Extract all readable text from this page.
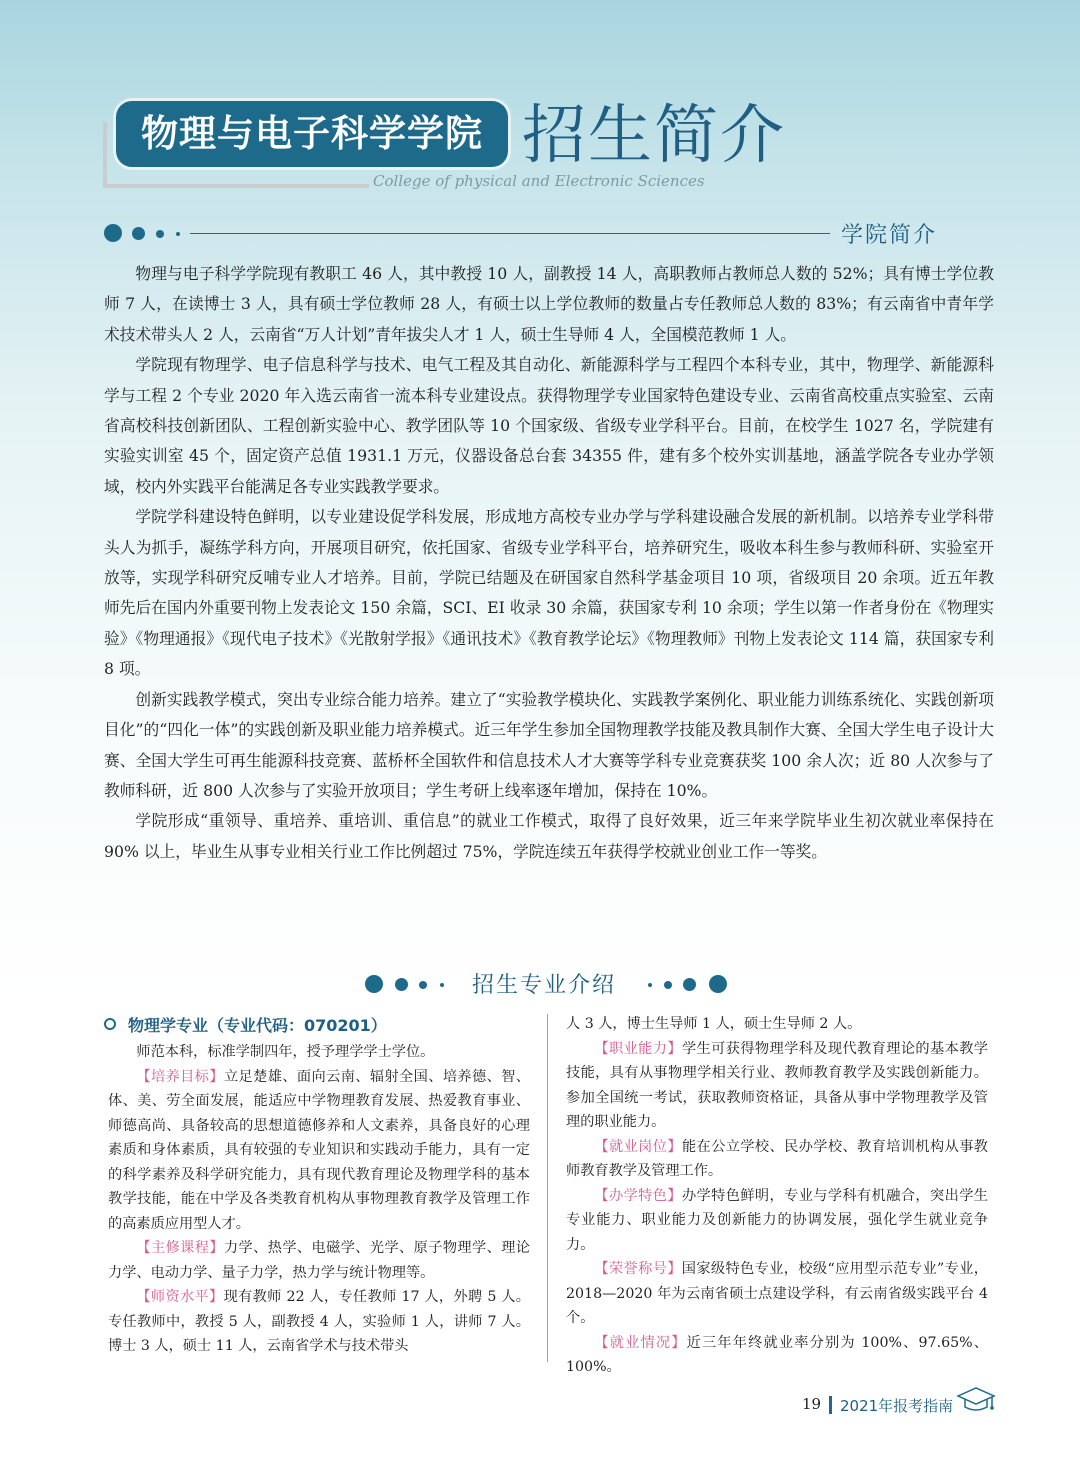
物理与电子科学学院 招生简介
College of physical and Electronic Sciences
学院简介

物理与电子科学学院现有教职工 46 人，其中教授 10 人，副教授 14 人，高职教师占教师总人数的 52%；具有博士学位教师 7 人，在读博士 3 人，具有硕士学位教师 28 人，有硕士以上学位教师的数量占专任教师总人数的 83%；有云南省中青年学术技术带头人 2 人，云南省“万人计划”青年拔尖人才 1 人，硕士生导师 4 人，全国模范教师 1 人。

学院现有物理学、电子信息科学与技术、电气工程及其自动化、新能源科学与工程四个本科专业，其中，物理学、新能源科学与工程 2 个专业 2020 年入选云南省一流本科专业建设点。获得物理学专业国家特色建设专业、云南省高校重点实验室、云南省高校科技创新团队、工程创新实验中心、教学团队等 10 个国家级、省级专业学科平台。目前，在校学生 1027 名，学院建有实验实训室 45 个，固定资产总值 1931.1 万元，仪器设备总台套 34355 件，建有多个校外实训基地，涵盖学院各专业办学领域，校内外实践平台能满足各专业实践教学要求。

学院学科建设特色鲜明，以专业建设促学科发展，形成地方高校专业办学与学科建设融合发展的新机制。以培养专业学科带头人为抓手，凝练学科方向，开展项目研究，依托国家、省级专业学科平台，培养研究生，吸收本科生参与教师科研、实验室开放等，实现学科研究反哺专业人才培养。目前，学院已结题及在研国家自然科学基金项目 10 项，省级项目 20 余项。近五年教师先后在国内外重要刊物上发表论文 150 余篇，SCI、EI 收录 30 余篇，获国家专利 10 余项；学生以第一作者身份在《物理实验》《物理通报》《现代电子技术》《光散射学报》《通讯技术》《教育教学论坛》《物理教师》刊物上发表论文 114 篇，获国家专利 8 项。

创新实践教学模式，突出专业综合能力培养。建立了“实验教学模块化、实践教学案例化、职业能力训练系统化、实践创新项目化”的“四化一体”的实践创新及职业能力培养模式。近三年学生参加全国物理教学技能及教具制作大赛、全国大学生电子设计大赛、全国大学生可再生能源科技竞赛、蓝桥杯全国软件和信息技术人才大赛等学科专业竞赛获奖 100 余人次；近 80 人次参与了教师科研，近 800 人次参与了实验开放项目；学生考研上线率逐年增加，保持在 10%。

学院形成“重领导、重培养、重培训、重信息”的就业工作模式，取得了良好效果，近三年来学院毕业生初次就业率保持在 90% 以上，毕业生从事专业相关行业工作比例超过 75%，学院连续五年获得学校就业创业工作一等奖。

招生专业介绍
物理学专业（专业代码：070201）

师范本科，标准学制四年，授予理学学士学位。

【培养目标】立足楚雄、面向云南、辐射全国、培养德、智、体、美、劳全面发展，能适应中学物理教育发展、热爱教育事业、师德高尚、具备较高的思想道德修养和人文素养，具备良好的心理素质和身体素质，具有较强的专业知识和实践动手能力，具有一定的科学素养及科学研究能力，具有现代教育理论及物理学科的基本教学技能，能在中学及各类教育机构从事物理教育教学及管理工作的高素质应用型人才。

【主修课程】力学、热学、电磁学、光学、原子物理学、理论力学、电动力学、量子力学，热力学与统计物理等。

【师资水平】现有教师 22 人，专任教师 17 人，外聘 5 人。专任教师中，教授 5 人，副教授 4 人，实验师 1 人，讲师 7 人。博士 3 人，硕士 11 人，云南省学术与技术带头

人 3 人，博士生导师 1 人，硕士生导师 2 人。

【职业能力】学生可获得物理学科及现代教育理论的基本教学技能，具有从事物理学相关行业、教师教育教学及实践创新能力。参加全国统一考试，获取教师资格证，具备从事中学物理教学及管理的职业能力。

【就业岗位】能在公立学校、民办学校、教育培训机构从事教师教育教学及管理工作。

【办学特色】办学特色鲜明，专业与学科有机融合，突出学生专业能力、职业能力及创新能力的协调发展，强化学生就业竞争力。

【荣誉称号】国家级特色专业，校级“应用型示范专业”专业，2018—2020 年为云南省硕士点建设学科，有云南省级实践平台 4 个。

【就业情况】近三年年终就业率分别为 100%、97.65%、100%。

19 2021年报考指南
